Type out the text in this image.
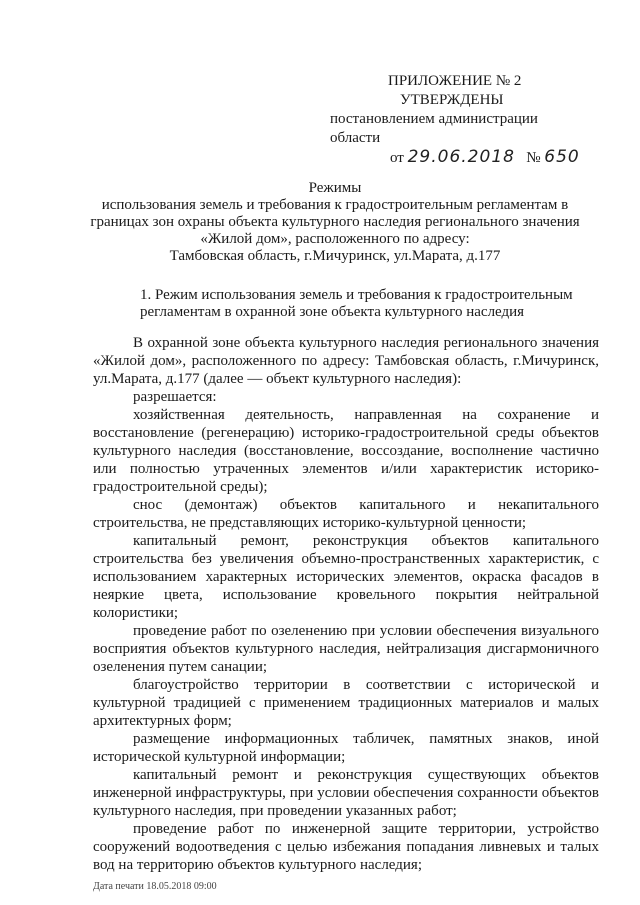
ПРИЛОЖЕНИЕ № 2
УТВЕРЖДЕНЫ
постановлением администрации области
от 29.06.2018 № 650
Режимы
использования земель и требования к градостроительным регламентам в
границах зон охраны объекта культурного наследия регионального значения
«Жилой дом», расположенного по адресу:
Тамбовская область, г.Мичуринск, ул.Марата, д.177
1. Режим использования земель и требования к градостроительным
регламентам в охранной зоне объекта культурного наследия

В охранной зоне объекта культурного наследия регионального значения «Жилой дом», расположенного по адресу: Тамбовская область, г.Мичуринск, ул.Марата, д.177 (далее — объект культурного наследия):

разрешается:

хозяйственная деятельность, направленная на сохранение и восстановление (регенерацию) историко-градостроительной среды объектов культурного наследия (восстановление, воссоздание, восполнение частично или полностью утраченных элементов и/или характеристик историко-градостроительной среды);

снос (демонтаж) объектов капитального и некапитального строительства, не представляющих историко-культурной ценности;

капитальный ремонт, реконструкция объектов капитального строительства без увеличения объемно-пространственных характеристик, с использованием характерных исторических элементов, окраска фасадов в неяркие цвета, использование кровельного покрытия нейтральной колористики;

проведение работ по озеленению при условии обеспечения визуального восприятия объектов культурного наследия, нейтрализация дисгармоничного озеленения путем санации;

благоустройство территории в соответствии с исторической и культурной традицией с применением традиционных материалов и малых архитектурных форм;

размещение информационных табличек, памятных знаков, иной исторической культурной информации;

капитальный ремонт и реконструкция существующих объектов инженерной инфраструктуры, при условии обеспечения сохранности объектов культурного наследия, при проведении указанных работ;

проведение работ по инженерной защите территории, устройство сооружений водоотведения с целью избежания попадания ливневых и талых вод на территорию объектов культурного наследия;

Дата печати 18.05.2018 09:00
